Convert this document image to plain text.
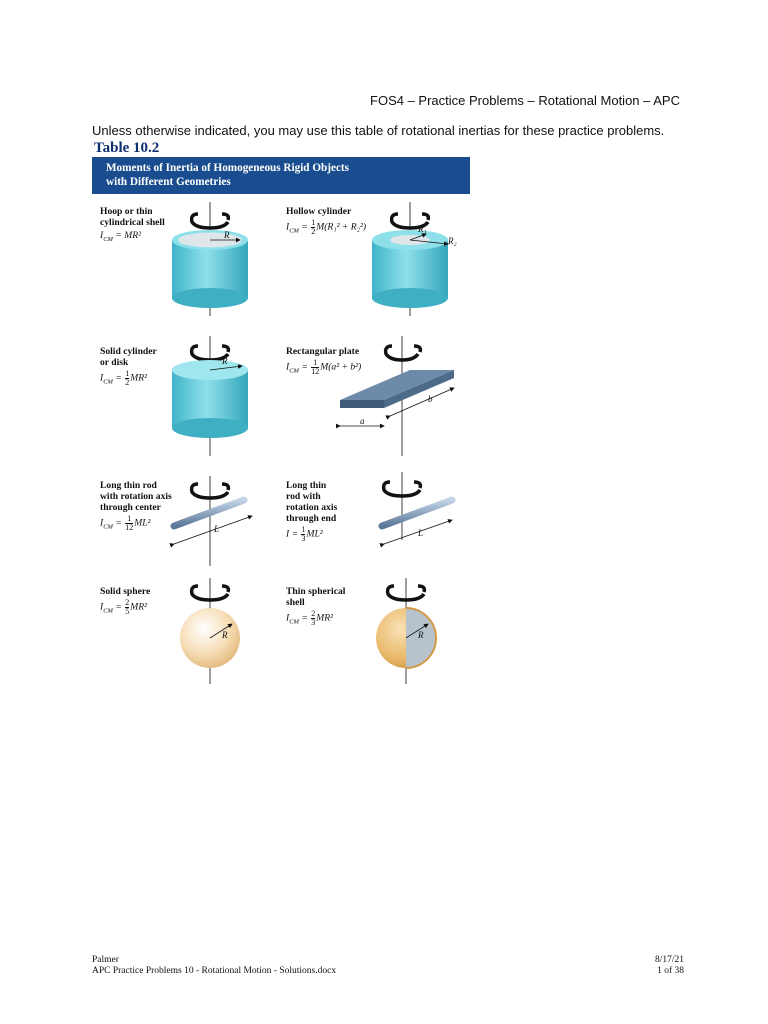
FOS4 – Practice Problems – Rotational Motion – APC
Unless otherwise indicated, you may use this table of rotational inertias for these practice problems.
Table 10.2
Moments of Inertia of Homogeneous Rigid Objects
with Different Geometries
Hoop or thin
cylindrical shell
$I_{CM} = MR^2$	R
Hollow cylinder
$I_{CM} = \frac{1}{2} M(R_1^2 + R_2^2)$	R₁
R₂
Solid cylinder
or disk
$I_{CM} = \frac{1}{2} MR^2$
R
Rectangular plate
$I_{CM} = \frac{1}{12} M(a^2 + b^2)$
a
b
Long thin rod
with rotation axis
through center
$I_{CM} = \frac{1}{12} ML^2$
L
Long thin
rod with
rotation axis
through end
$I = \frac{1}{3} ML^2$	L
Solid sphere
$I_{CM} = \frac{2}{5} MR^2$
R
Thin spherical
shell
$I_{CM} = \frac{2}{3} MR^2$
R
Palmer
APC Practice Problems 10 - Rotational Motion - Solutions.docx
8/17/21
1 of 38
